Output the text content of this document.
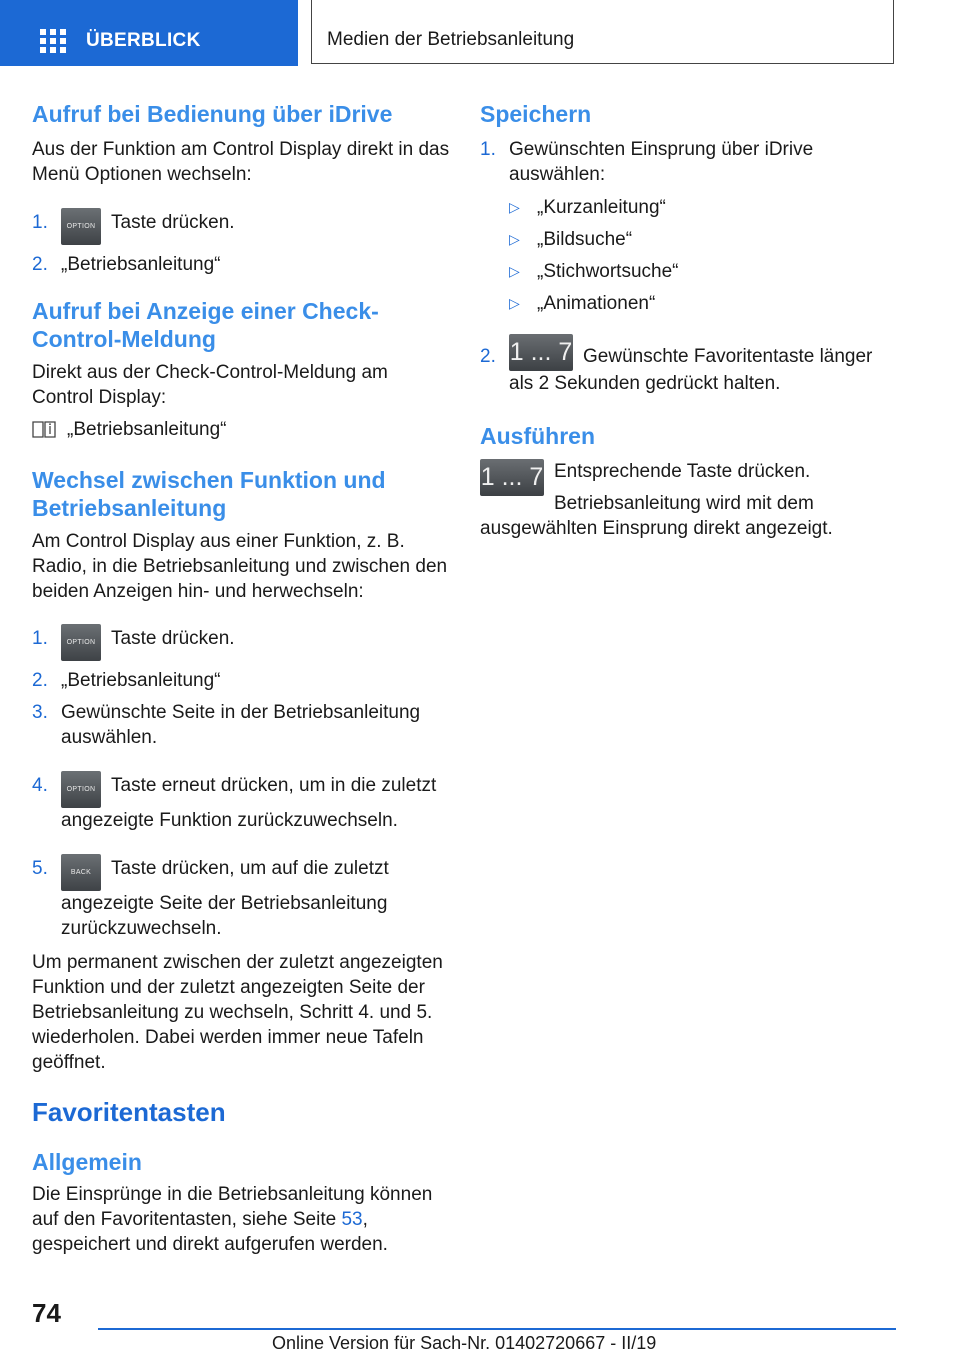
ÜBERBLICK	Medien der Betriebsanleitung
Aufruf bei Bedienung über iDrive

Aus der Funktion am Control Display direkt in das Menü Optionen wechseln:

1.	OPTION Taste drücken.
2. „Betriebsanleitung“
Aufruf bei Anzeige einer Check-
Control-Meldung

Direkt aus der Check-Control-Meldung am Control Display:

„Betriebsanleitung“
Wechsel zwischen Funktion und
Betriebsanleitung

Am Control Display aus einer Funktion, z. B. Radio, in die Betriebsanleitung und zwischen den beiden Anzeigen hin- und herwechseln:

1.	OPTION Taste drücken.
2. „Betriebsanleitung“
3. Gewünschte Seite in der Betriebsanleitung auswählen.
4.	OPTION Taste erneut drücken, um in die zuletzt angezeigte Funktion zurückzuwechseln.
5.	BACK Taste drücken, um auf die zuletzt angezeigte Seite der Betriebsanleitung zurückzuwechseln.

Um permanent zwischen der zuletzt angezeigten Funktion und der zuletzt angezeigten Seite der Betriebsanleitung zu wechseln, Schritt 4. und 5. wiederholen. Dabei werden immer neue Tafeln geöffnet.

Favoritentasten
Allgemein

Die Einsprünge in die Betriebsanleitung können auf den Favoritentasten, siehe Seite 53, gespeichert und direkt aufgerufen werden.

Speichern
1. Gewünschten Einsprung über iDrive auswählen:
▷ „Kurzanleitung“
▷ „Bildsuche“
▷ „Stichwortsuche“
▷ „Animationen“
2. 1 ... 7 Gewünschte Favoritentaste länger als 2 Sekunden gedrückt halten.
Ausführen
1 ... 7 Entsprechende Taste drücken.

Betriebsanleitung wird mit dem ausgewählten Einsprung direkt angezeigt.

74
Online Version für Sach-Nr. 01402720667 - II/19
